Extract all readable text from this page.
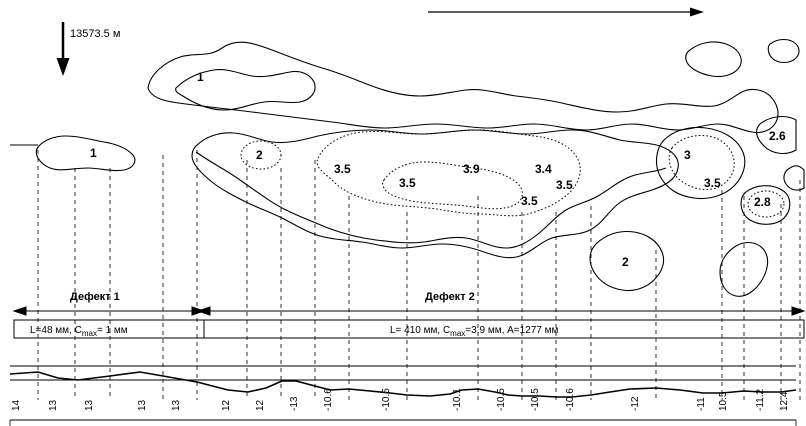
13573.5 м
1
1	2
3.5
3.5
3.9	3.4
3.5
3.5
3
3.5
2.6
2.8
2
Дефект 1	Дефект 2
L=48 мм, $C_{max}= 1$ мм	L= 410 мм, $C_{max}=3.9$ мм, A=1277 мм
14	13	13	13 13	12 12 -13 -10.6	-10.5	-10.1	-10.5 -10.5 -10.6	-12	-11 10.5	-11.2 12.4
